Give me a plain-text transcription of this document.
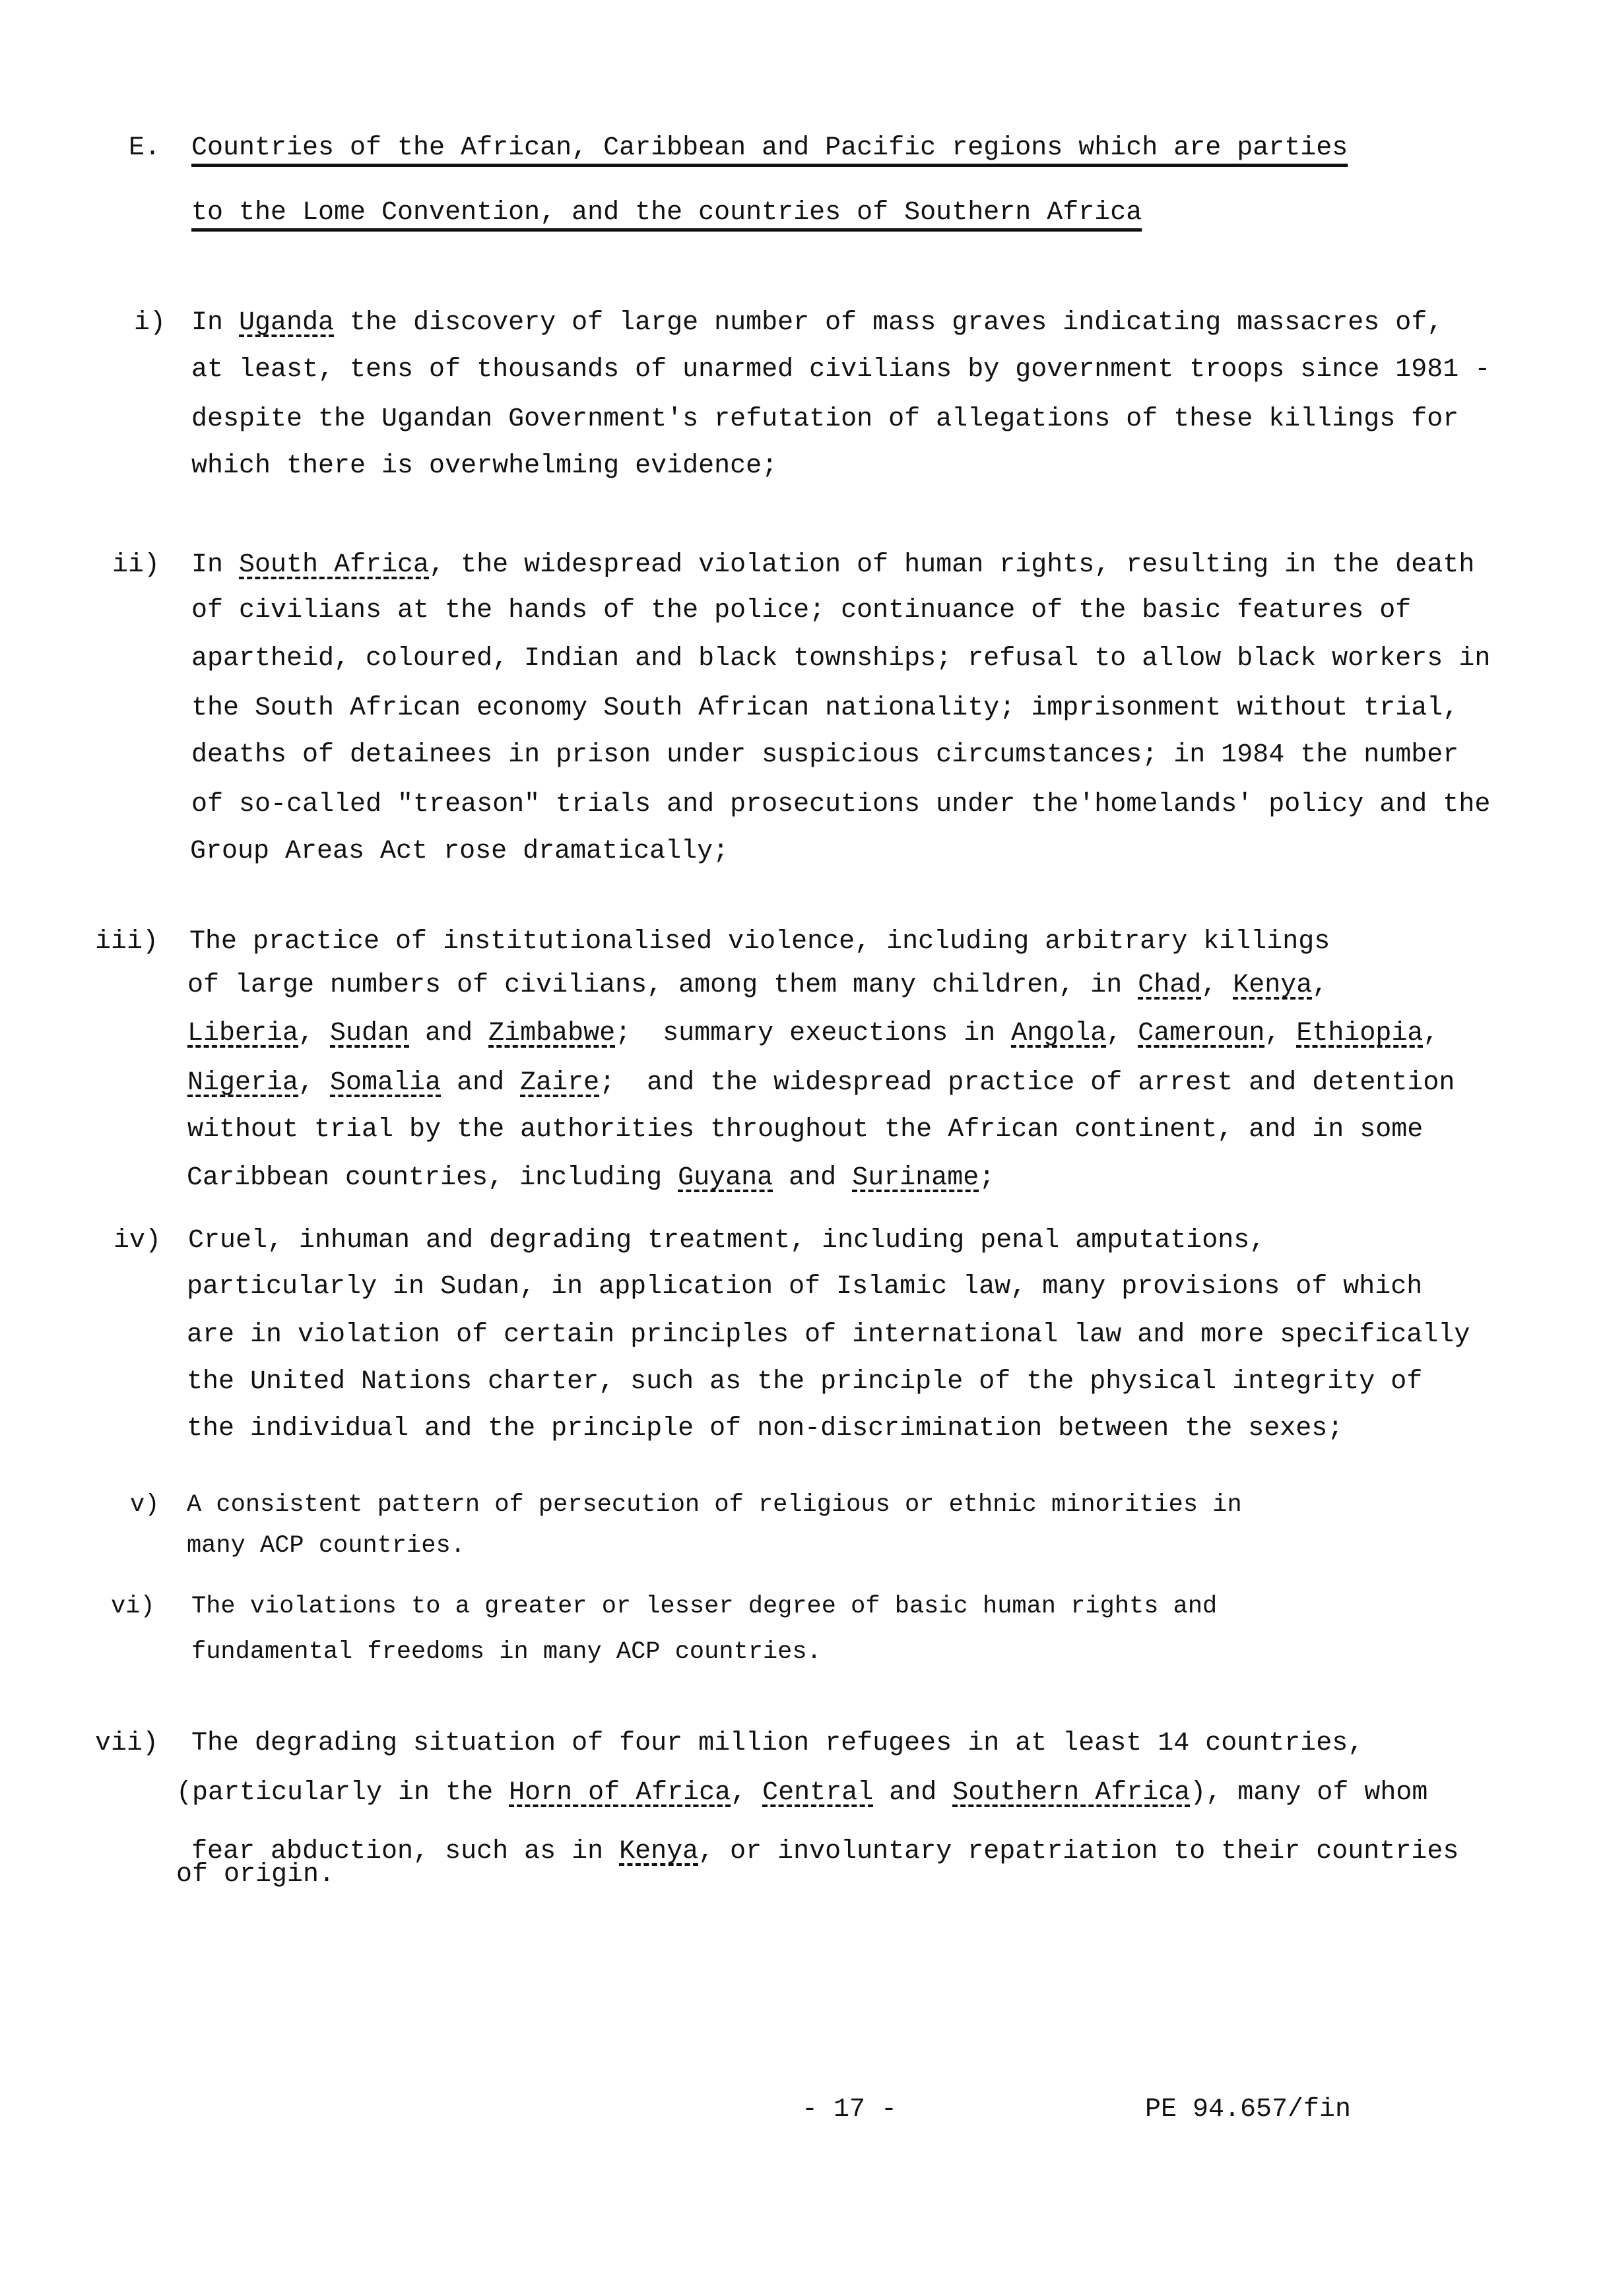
E. Countries of the African, Caribbean and Pacific regions which are parties
to the Lome Convention, and the countries of Southern Africa
i) In Uganda the discovery of large number of mass graves indicating massacres of,
at least, tens of thousands of unarmed civilians by government troops since 1981 -
despite the Ugandan Government's refutation of allegations of these killings for
which there is overwhelming evidence;
ii) In South Africa, the widespread violation of human rights, resulting in the death
of civilians at the hands of the police; continuance of the basic features of
apartheid, coloured, Indian and black townships; refusal to allow black workers in
the South African economy South African nationality; imprisonment without trial,
deaths of detainees in prison under suspicious circumstances; in 1984 the number
of so-called "treason" trials and prosecutions under the'homelands' policy and the
Group Areas Act rose dramatically;
iii) The practice of institutionalised violence, including arbitrary killings
of large numbers of civilians, among them many children, in Chad, Kenya,
Liberia, Sudan and Zimbabwe;  summary exeuctions in Angola, Cameroun, Ethiopia,
Nigeria, Somalia and Zaire;  and the widespread practice of arrest and detention
without trial by the authorities throughout the African continent, and in some
Caribbean countries, including Guyana and Suriname;
iv) Cruel, inhuman and degrading treatment, including penal amputations,
particularly in Sudan, in application of Islamic law, many provisions of which
are in violation of certain principles of international law and more specifically
the United Nations charter, such as the principle of the physical integrity of
the individual and the principle of non-discrimination between the sexes;
v) A consistent pattern of persecution of religious or ethnic minorities in
many ACP countries.
vi) The violations to a greater or lesser degree of basic human rights and
fundamental freedoms in many ACP countries.
vii) The degrading situation of four million refugees in at least 14 countries,
(particularly in the Horn of Africa, Central and Southern Africa), many of whom
fear abduction, such as in Kenya, or involuntary repatriation to their countries
of origin.
- 17 -	PE 94.657/fin
